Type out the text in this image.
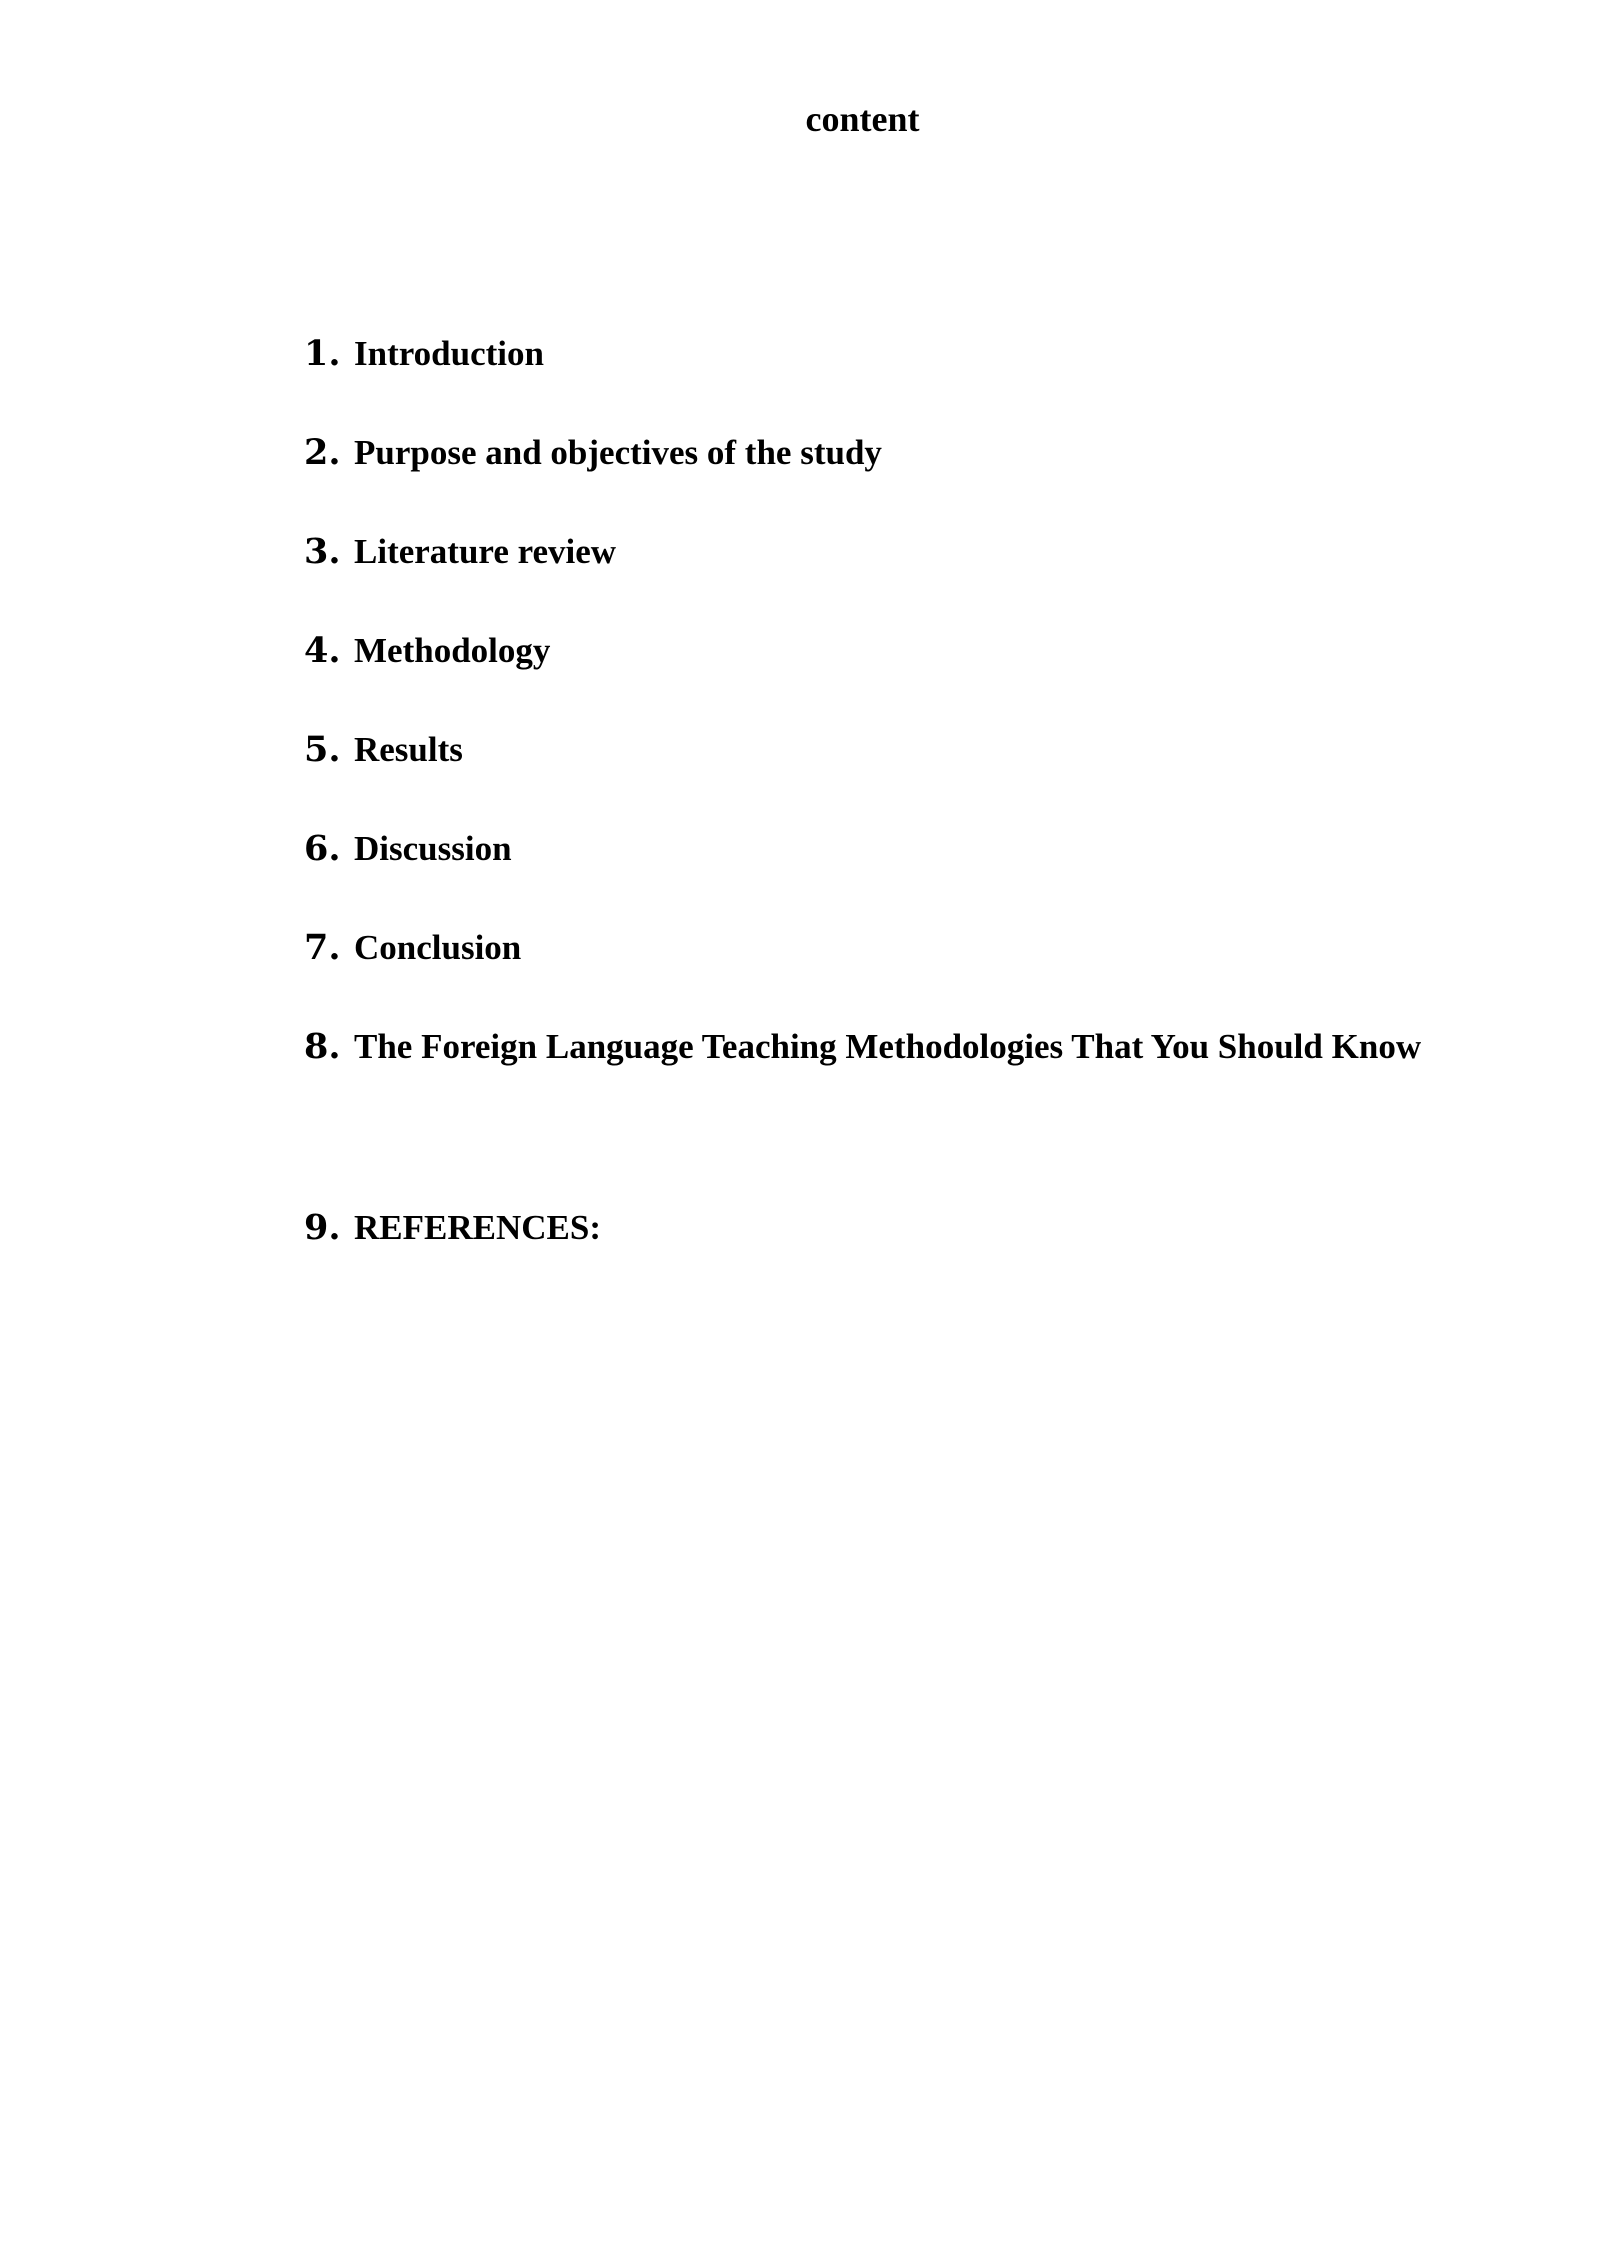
content
1. Introduction
2. Purpose and objectives of the study
3. Literature review
4. Methodology
5. Results
6. Discussion
7. Conclusion
8. The Foreign Language Teaching Methodologies That You Should Know
9. REFERENCES:
